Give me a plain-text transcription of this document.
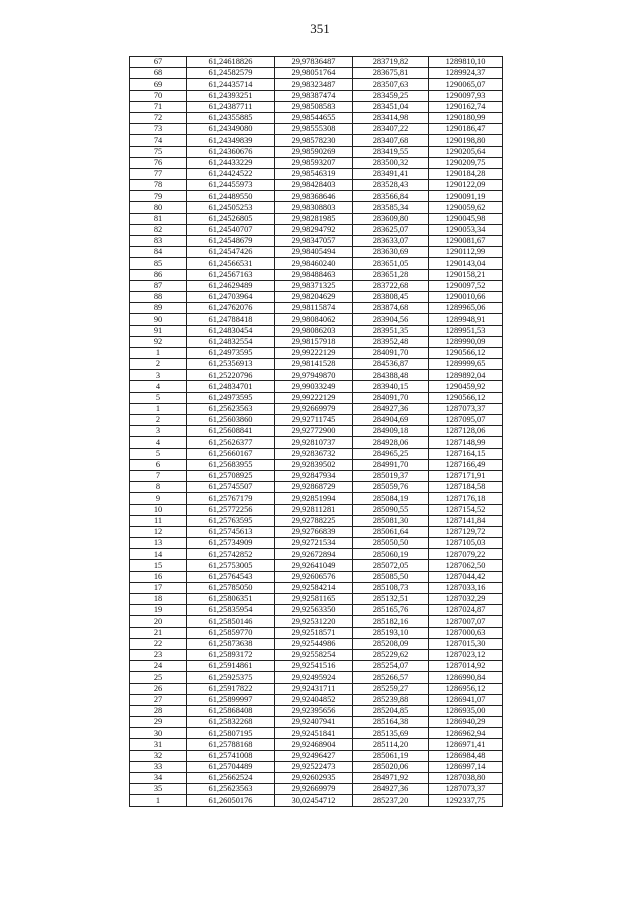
351
67	61,24618826	29,97836487	283719,82	1289810,10
68	61,24582579	29,98051764	283675,81	1289924,37
69	61,24435714	29,98323487	283507,63	1290065,07
70	61,24393251	29,98387474	283459,25	1290097,93
71	61,24387711	29,98508583	283451,04	1290162,74
72	61,24355885	29,98544655	283414,98	1290180,99
73	61,24349080	29,98555308	283407,22	1290186,47
74	61,24349839	29,98578230	283407,68	1290198,80
75	61,24360676	29,98590269	283419,55	1290205,64
76	61,24433229	29,98593207	283500,32	1290209,75
77	61,24424522	29,98546319	283491,41	1290184,28
78	61,24455973	29,98428403	283528,43	1290122,09
79	61,24489550	29,98368646	283566,84	1290091,19
80	61,24505253	29,98308803	283585,34	1290059,62
81	61,24526805	29,98281985	283609,80	1290045,98
82	61,24540707	29,98294792	283625,07	1290053,34
83	61,24548679	29,98347057	283633,07	1290081,67
84	61,24547426	29,98405494	283630,69	1290112,99
85	61,24566531	29,98460240	283651,05	1290143,04
86	61,24567163	29,98488463	283651,28	1290158,21
87	61,24629489	29,98371325	283722,68	1290097,52
88	61,24703964	29,98204629	283808,45	1290010,66
89	61,24762076	29,98115874	283874,68	1289965,06
90	61,24788418	29,98084062	283904,56	1289948,91
91	61,24830454	29,98086203	283951,35	1289951,53
92	61,24832554	29,98157918	283952,48	1289990,09
1	61,24973595	29,99222129	284091,70	1290566,12
2	61,25356913	29,98141528	284536,87	1289999,65
3	61,25220796	29,97949870	284388,48	1289892,04
4	61,24834701	29,99033249	283940,15	1290459,92
5	61,24973595	29,99222129	284091,70	1290566,12
1	61,25623563	29,92669979	284927,36	1287073,37
2	61,25603860	29,92711745	284904,69	1287095,07
3	61,25608841	29,92772900	284909,18	1287128,06
4	61,25626377	29,92810737	284928,06	1287148,99
5	61,25660167	29,92836732	284965,25	1287164,15
6	61,25683955	29,92839502	284991,70	1287166,49
7	61,25708925	29,92847934	285019,37	1287171,91
8	61,25745507	29,92868729	285059,76	1287184,58
9	61,25767179	29,92851994	285084,19	1287176,18
10	61,25772256	29,92811281	285090,55	1287154,52
11	61,25763595	29,92788225	285081,30	1287141,84
12	61,25745613	29,92766839	285061,64	1287129,72
13	61,25734909	29,92721534	285050,50	1287105,03
14	61,25742852	29,92672894	285060,19	1287079,22
15	61,25753005	29,92641049	285072,05	1287062,50
16	61,25764543	29,92606576	285085,50	1287044,42
17	61,25785050	29,92584214	285108,73	1287033,16
18	61,25806351	29,92581165	285132,51	1287032,29
19	61,25835954	29,92563350	285165,76	1287024,87
20	61,25850146	29,92531220	285182,16	1287007,07
21	61,25859770	29,92518571	285193,10	1287000,63
22	61,25873638	29,92544986	285208,09	1287015,30
23	61,25893172	29,92558254	285229,62	1287023,12
24	61,25914861	29,92541516	285254,07	1287014,92
25	61,25925375	29,92495924	285266,57	1286990,84
26	61,25917822	29,92431711	285259,27	1286956,12
27	61,25899997	29,92404852	285239,88	1286941,07
28	61,25868408	29,92395656	285204,85	1286935,00
29	61,25832268	29,92407941	285164,38	1286940,29
30	61,25807195	29,92451841	285135,69	1286962,94
31	61,25788168	29,92468904	285114,20	1286971,41
32	61,25741008	29,92496427	285061,19	1286984,48
33	61,25704489	29,92522473	285020,06	1286997,14
34	61,25662524	29,92602935	284971,92	1287038,80
35	61,25623563	29,92669979	284927,36	1287073,37
1	61,26050176	30,02454712	285237,20	1292337,75
